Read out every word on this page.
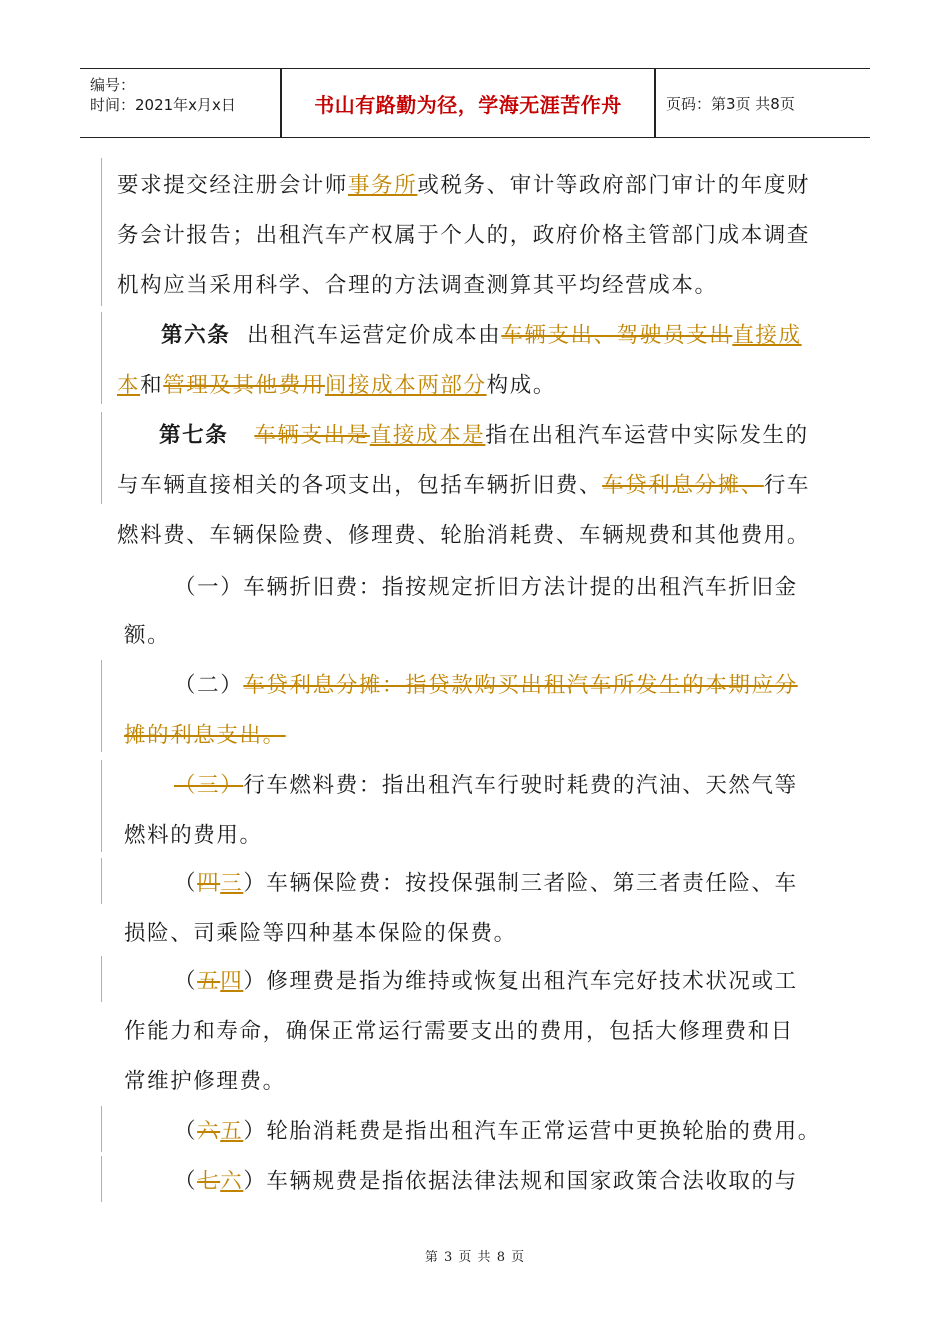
编号：
时间：2021年x月x日	书山有路勤为径，学海无涯苦作舟	页码：第3页 共8页
要求提交经注册会计师事务所或税务、审计等政府部门审计的年度财
务会计报告；出租汽车产权属于个人的，政府价格主管部门成本调查
机构应当采用科学、合理的方法调查测算其平均经营成本。
第六条  出租汽车运营定价成本由车辆支出、驾驶员支出直接成
本和管理及其他费用间接成本两部分构成。
第七条 车辆支出是直接成本是指在出租汽车运营中实际发生的
与车辆直接相关的各项支出，包括车辆折旧费、车贷利息分摊、行车
燃料费、车辆保险费、修理费、轮胎消耗费、车辆规费和其他费用。
（一）车辆折旧费：指按规定折旧方法计提的出租汽车折旧金
额。
（二）车贷利息分摊：指贷款购买出租汽车所发生的本期应分
摊的利息支出。
（三）行车燃料费：指出租汽车行驶时耗费的汽油、天然气等
燃料的费用。
（四三）车辆保险费：按投保强制三者险、第三者责任险、车
损险、司乘险等四种基本保险的保费。
（五四）修理费是指为维持或恢复出租汽车完好技术状况或工
作能力和寿命，确保正常运行需要支出的费用，包括大修理费和日
常维护修理费。
（六五）轮胎消耗费是指出租汽车正常运营中更换轮胎的费用。
（七六）车辆规费是指依据法律法规和国家政策合法收取的与
第 3 页 共 8 页
